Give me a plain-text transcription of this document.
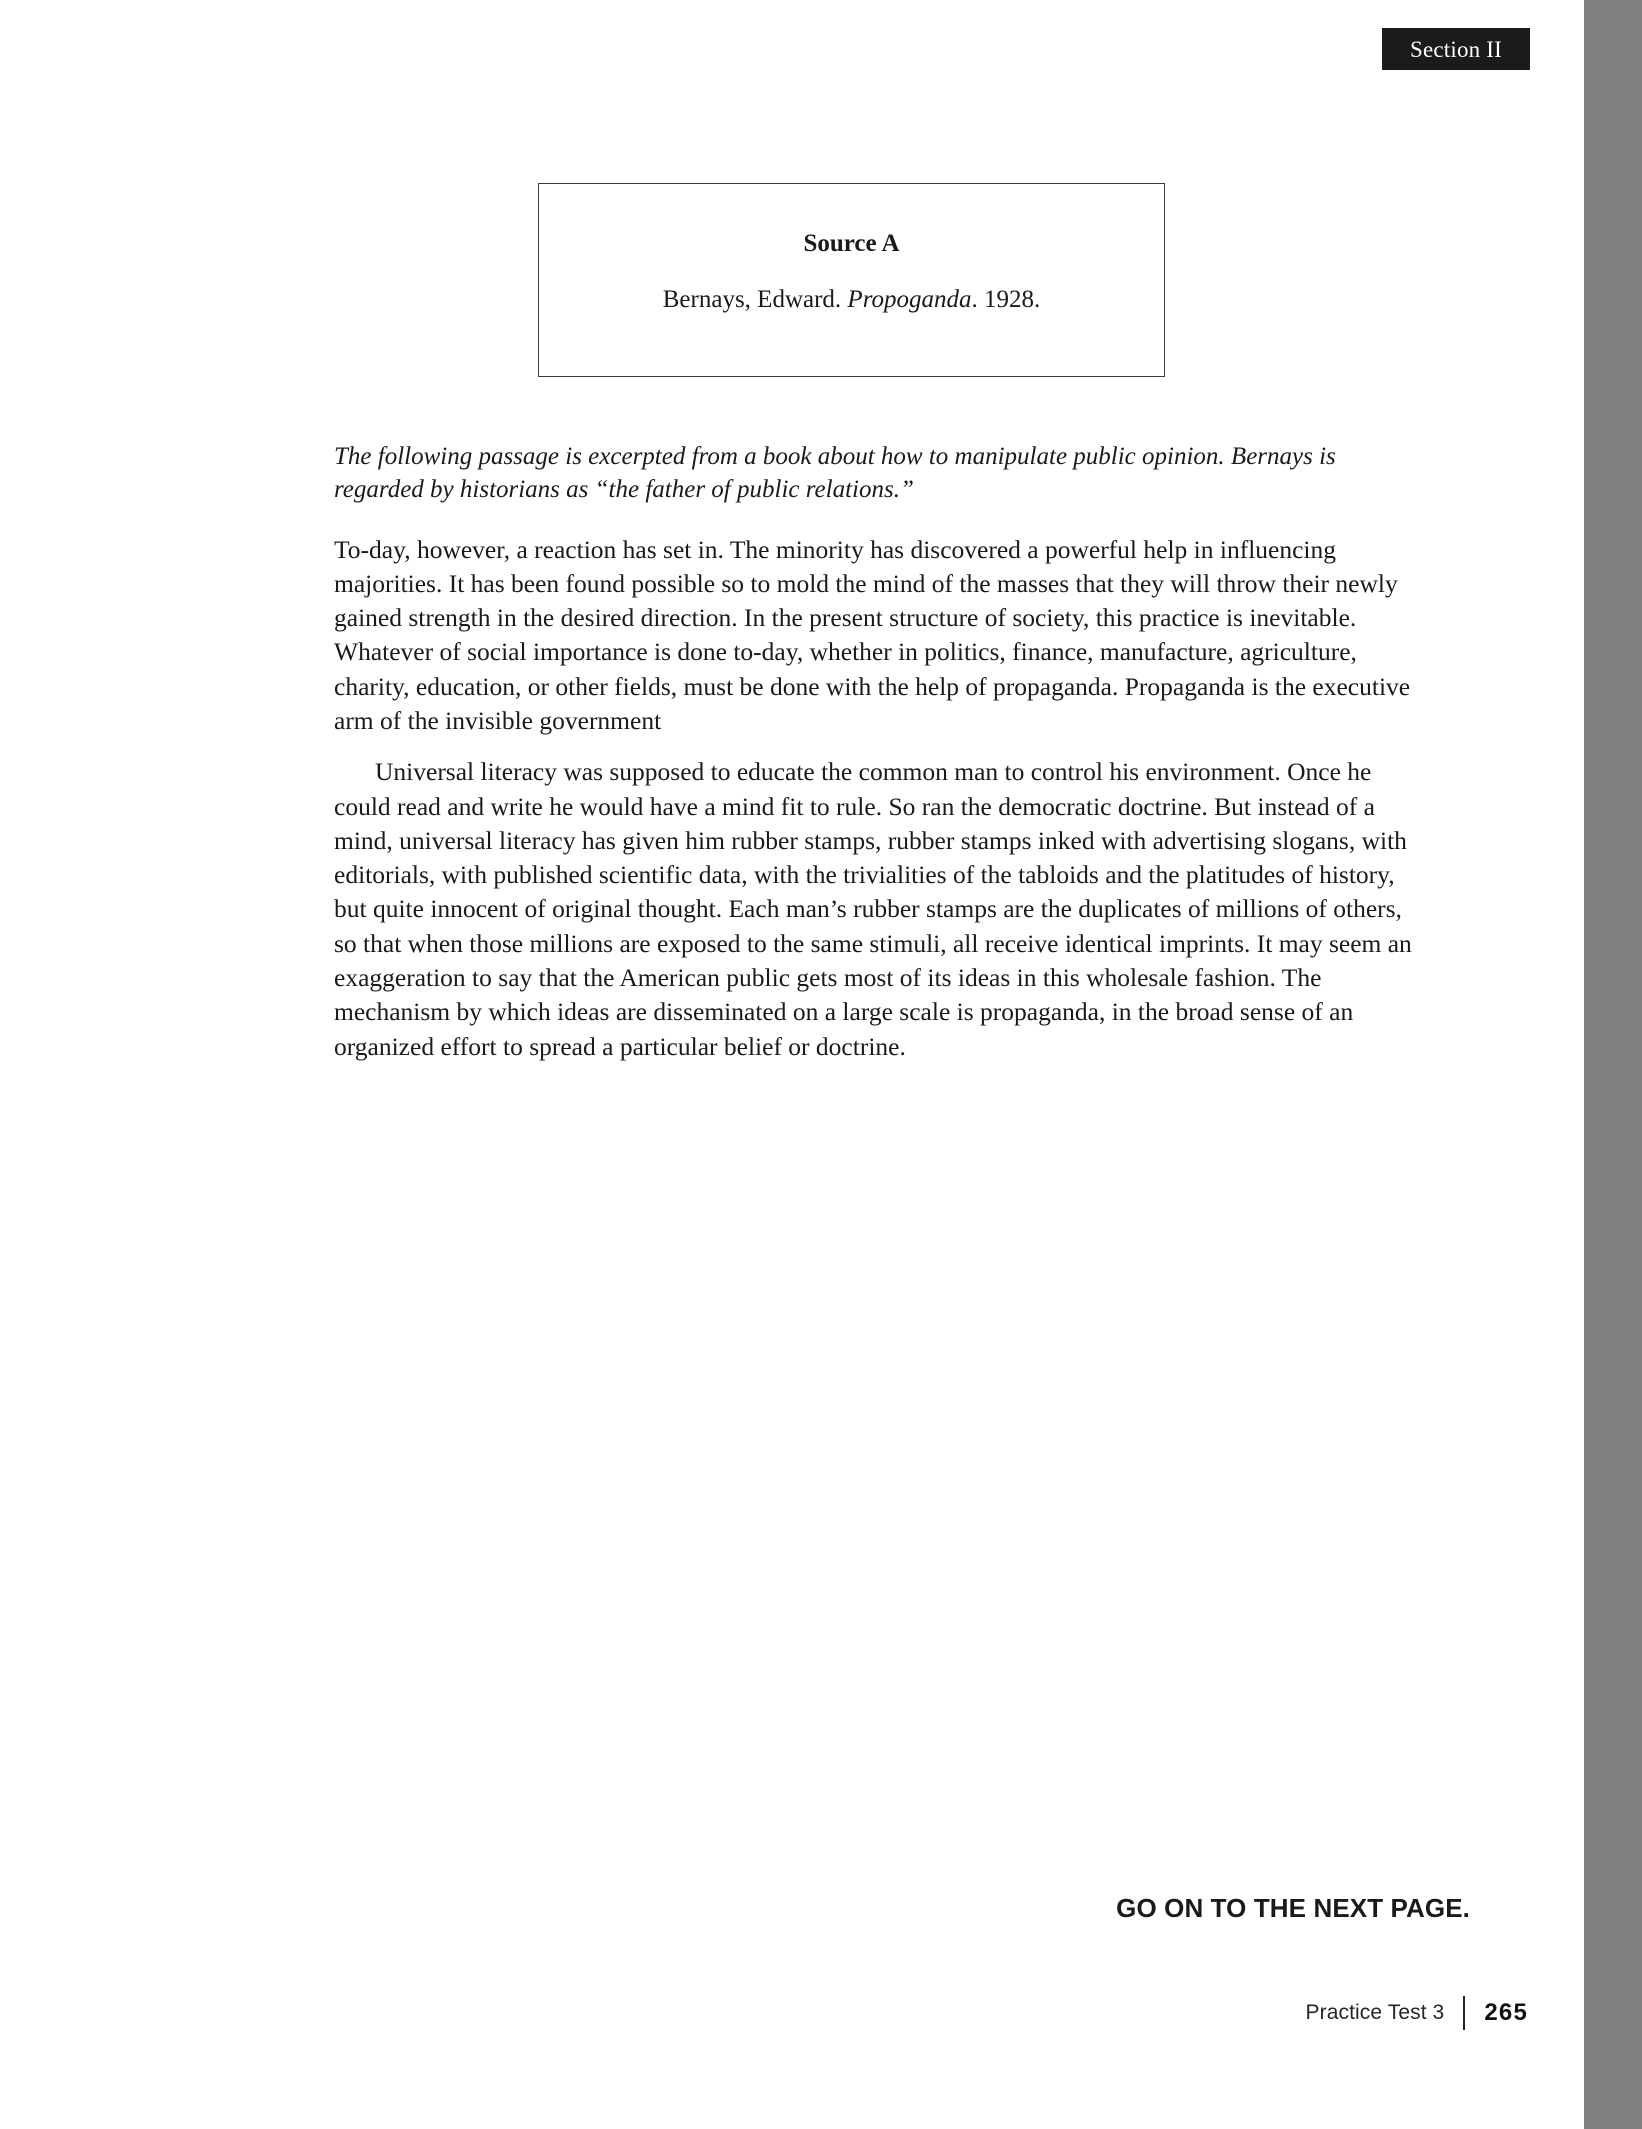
Section II
Source A
Bernays, Edward. Propoganda. 1928.

The following passage is excerpted from a book about how to manipulate public opinion. Bernays is regarded by historians as “the father of public relations.”

To-day, however, a reaction has set in. The minority has discovered a powerful help in influencing majorities. It has been found possible so to mold the mind of the masses that they will throw their newly gained strength in the desired direction. In the present structure of society, this practice is inevitable. Whatever of social importance is done to-day, whether in politics, finance, manufacture, agriculture, charity, education, or other fields, must be done with the help of propaganda. Propaganda is the executive arm of the invisible government

Universal literacy was supposed to educate the common man to control his environment. Once he could read and write he would have a mind fit to rule. So ran the democratic doctrine. But instead of a mind, universal literacy has given him rubber stamps, rubber stamps inked with advertising slogans, with editorials, with published scientific data, with the trivialities of the tabloids and the platitudes of history, but quite innocent of original thought. Each man’s rubber stamps are the duplicates of millions of others, so that when those millions are exposed to the same stimuli, all receive identical imprints. It may seem an exaggeration to say that the American public gets most of its ideas in this wholesale fashion. The mechanism by which ideas are disseminated on a large scale is propaganda, in the broad sense of an organized effort to spread a particular belief or doctrine.

GO ON TO THE NEXT PAGE.
Practice Test 3 265
